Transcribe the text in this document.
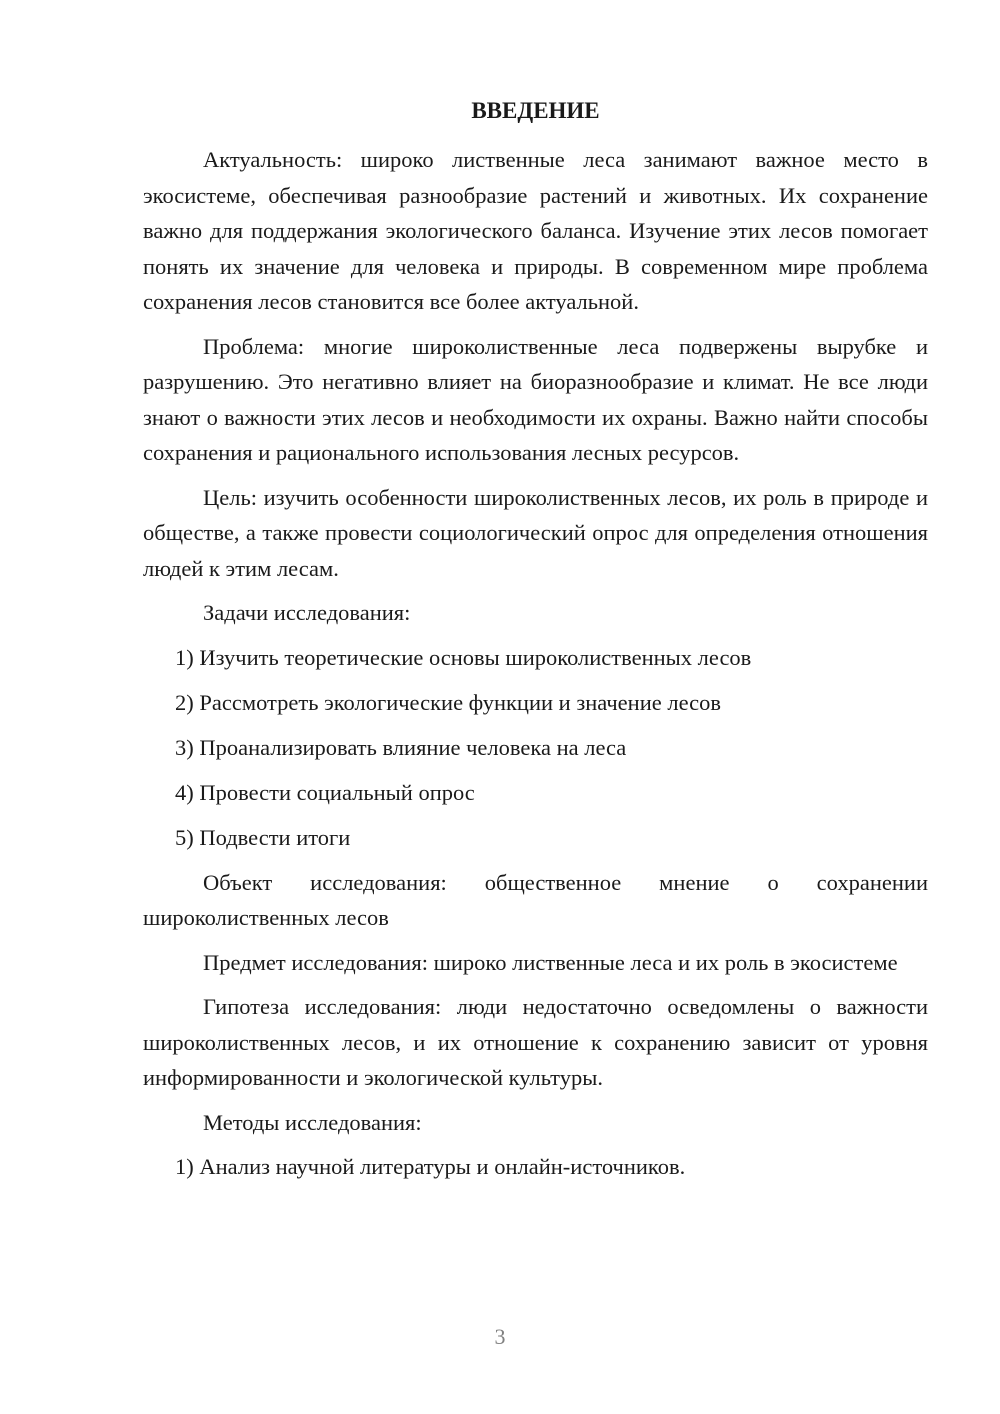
ВВЕДЕНИЕ

Актуальность: широко лиственные леса занимают важное место в экосистеме, обеспечивая разнообразие растений и животных. Их сохранение важно для поддержания экологического баланса. Изучение этих лесов помогает понять их значение для человека и природы. В современном мире проблема сохранения лесов становится все более актуальной.

Проблема: многие широколиственные леса подвержены вырубке и разрушению. Это негативно влияет на биоразнообразие и климат. Не все люди знают о важности этих лесов и необходимости их охраны. Важно найти способы сохранения и рационального использования лесных ресурсов.

Цель: изучить особенности широколиственных лесов, их роль в природе и обществе, а также провести социологический опрос для определения отношения людей к этим лесам.

Задачи исследования:

1) Изучить теоретические основы широколиственных лесов

2) Рассмотреть экологические функции и значение лесов

3) Проанализировать влияние человека на леса

4) Провести социальный опрос

5) Подвести итоги

Объект исследования: общественное мнение о сохранении широколиственных лесов

Предмет исследования: широко лиственные леса и их роль в экосистеме

Гипотеза исследования: люди недостаточно осведомлены о важности широколиственных лесов, и их отношение к сохранению зависит от уровня информированности и экологической культуры.

Методы исследования:

1) Анализ научной литературы и онлайн-источников.

3
